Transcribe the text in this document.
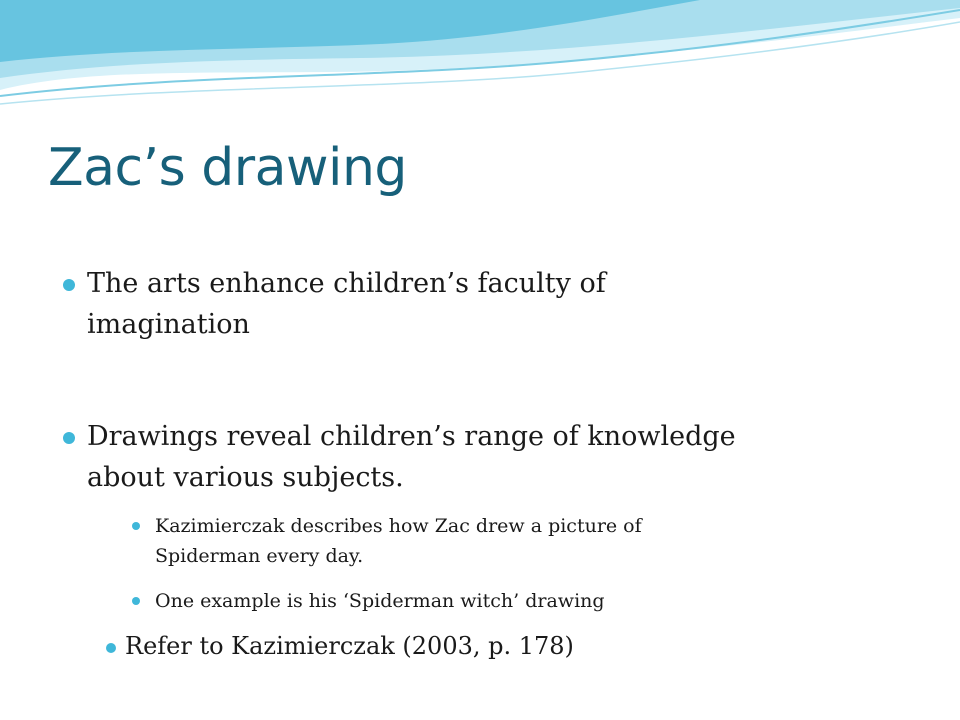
Zac’s drawing

The arts enhance children’s faculty of

imagination

Drawings reveal children’s range of knowledge

about various subjects.

Kazimierczak describes how Zac drew a picture of

Spiderman every day.

One example is his ‘Spiderman witch’ drawing

Refer to Kazimierczak (2003, p. 178)
